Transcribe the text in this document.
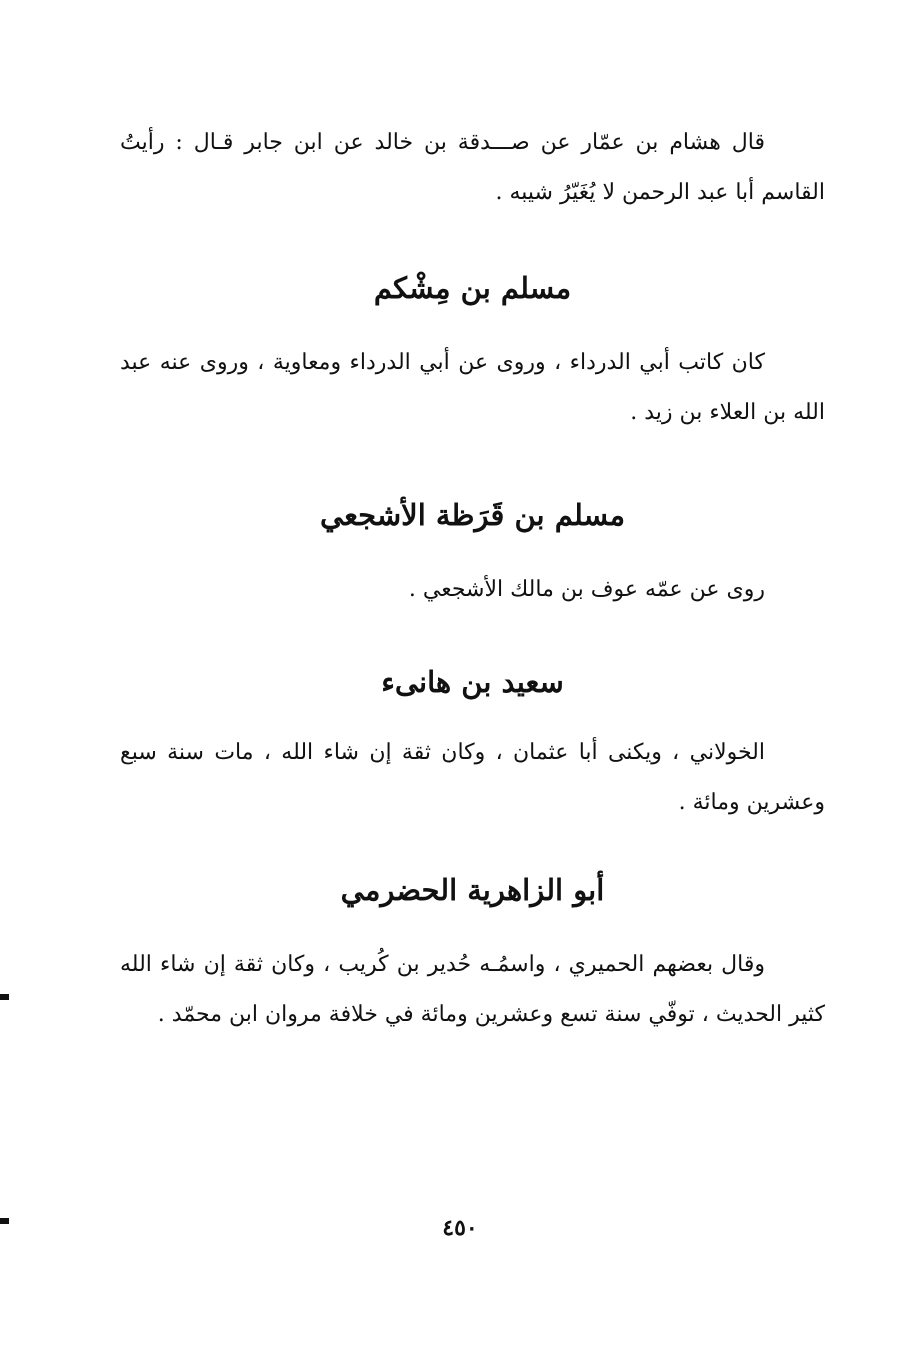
قال هشام بن عمّار عن صـــدقة بن خالد عن ابن جابر قـال : رأيتُ القاسم أبا عبد الرحمن لا يُغَيّرُ شيبه .

مسلم بن مِشْكم

كان كاتب أبي الدرداء ، وروى عن أبي الدرداء ومعاوية ، وروى عنه عبد الله بن العلاء بن زيد .

مسلم بن قَرَظة الأشجعي

روى عن عمّه عوف بن مالك الأشجعي .

سعيد بن هانىء

الخولاني ، ويكنى أبا عثمان ، وكان ثقة إن شاء الله ، مات سنة سبع وعشرين ومائة .

أبو الزاهرية الحضرمي

وقال بعضهم الحميري ، واسمُـه حُدير بن كُريب ، وكان ثقة إن شاء الله كثير الحديث ، توفّي سنة تسع وعشرين ومائة في خلافة مروان ابن محمّد .

٤٥٠
